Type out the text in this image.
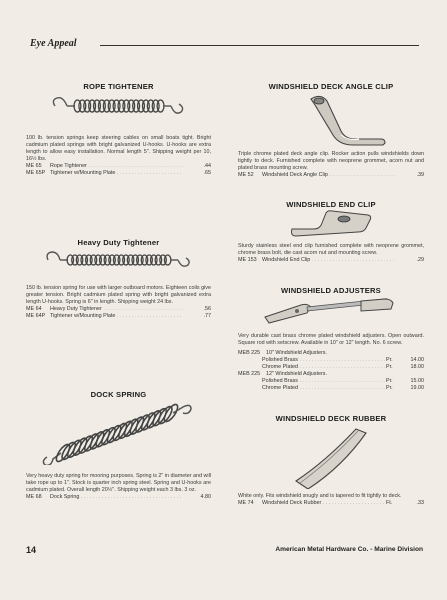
Eye Appeal
ROPE TIGHTENER
100 lb. tension springs keep steering cables on small boats tight. Bright cadmium plated springs with bright galvanized U-hooks. U-hooks are extra length to allow easy installation. Normal length 5". Shipping weight per 10, 16½ lbs.
ME 65	Rope Tightener . . .	.44
ME 65P Tightener w/Mounting Plate . . .	.65
Heavy Duty Tightener
150 lb. tension spring for use with larger outboard motors. Eighteen coils give greater tension. Bright cadmium plated spring with bright galvanized extra length U-hooks. Spring is 6" in length. Shipping weight 24 lbs.
ME 64	Heavy Duty Tightener . . .	.56
ME 64P Tightener w/Mounting Plate . . .	.77
DOCK SPRING
Very heavy duty spring for mooring purposes. Spring is 2" in diameter and will take rope up to 1". Stock is quarter inch spring steel. Spring and U-hooks are cadmium plated. Overall length 20½". Shipping weight each 3 lbs. 3 oz.
ME 68	Dock Spring . . .	4.80
WINDSHIELD DECK ANGLE CLIP
Triple chrome plated deck angle clip. Rocker action pulls windshields down tightly to deck. Furnished complete with neoprene grommet, acorn nut and plated brass mounting screw.
ME 52	Windshield Deck Angle Clip . . .	.39
WINDSHIELD END CLIP
Sturdy stainless steel end clip furnished complete with neoprene grommet, chrome brass bolt, die cast acorn nut and mounting screw.
ME 153	Windshield End Clip . . .	.29
WINDSHIELD ADJUSTERS
Very durable cast brass chrome plated windshield adjusters. Open outward. Square rod with setscrew. Available in 10" or 12" length. No. 6 screw.
MEB 225	10" Windshield Adjusters.
Polished Brass . . .	Pr.	14.00
Chrome Plated . . .	Pr.	18.00
MEB 225	12" Windshield Adjusters.
Polished Brass . . .	Pr.	15.00
Chrome Plated . . .	Pr.	19.00
WINDSHIELD DECK RUBBER
White only. Fits windshield snugly and is tapered to fit tightly to deck.
ME 74	Windshield Deck Rubber . . .	Ft.	.33
14	American Metal Hardware Co. - Marine Division
